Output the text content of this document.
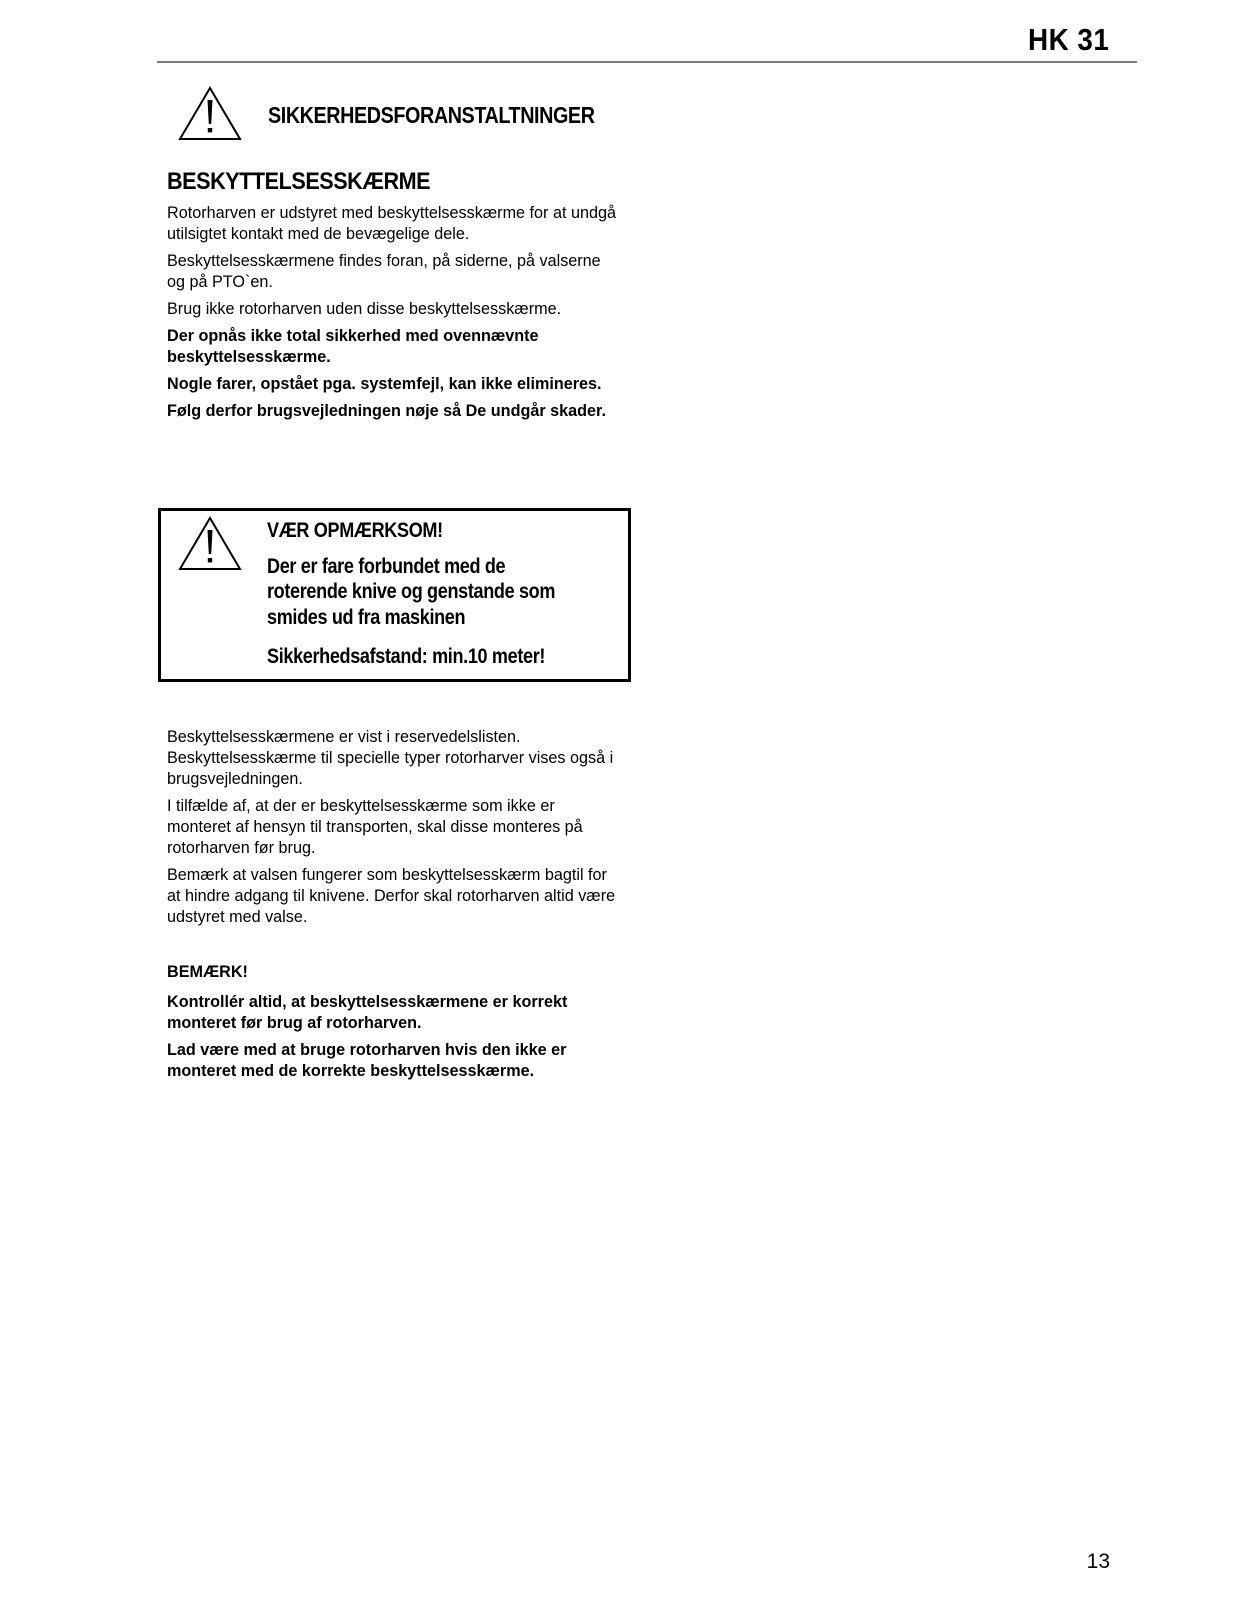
HK 31
SIKKERHEDSFORANSTALTNINGER
BESKYTTELSESSKÆRME

Rotorharven er udstyret med beskyttelsesskærme for at undgå utilsigtet kontakt med de bevægelige dele.

Beskyttelsesskærmene findes foran, på siderne, på valserne og på PTO`en.

Brug ikke rotorharven uden disse beskyttelsesskærme.

Der opnås ikke total sikkerhed med ovennævnte beskyttelsesskærme.

Nogle farer, opstået pga. systemfejl, kan ikke elimineres.

Følg derfor brugsvejledningen nøje så De undgår skader.

VÆR OPMÆRKSOM!
Der er fare forbundet med de roterende knive og genstande som smides ud fra maskinen
Sikkerhedsafstand: min.10 meter!

Beskyttelsesskærmene er vist i reservedelslisten. Beskyttelsesskærme til specielle typer rotorharver vises også i brugsvejledningen.

I tilfælde af, at der er beskyttelsesskærme som ikke er monteret af hensyn til transporten, skal disse monteres på rotorharven før brug.

Bemærk at valsen fungerer som beskyttelsesskærm bagtil for at hindre adgang til knivene. Derfor skal rotorharven altid være udstyret med valse.

BEMÆRK!

Kontrollér altid, at beskyttelsesskærmene er korrekt monteret før brug af rotorharven.

Lad være med at bruge rotorharven hvis den ikke er monteret med de korrekte beskyttelsesskærme.

13
